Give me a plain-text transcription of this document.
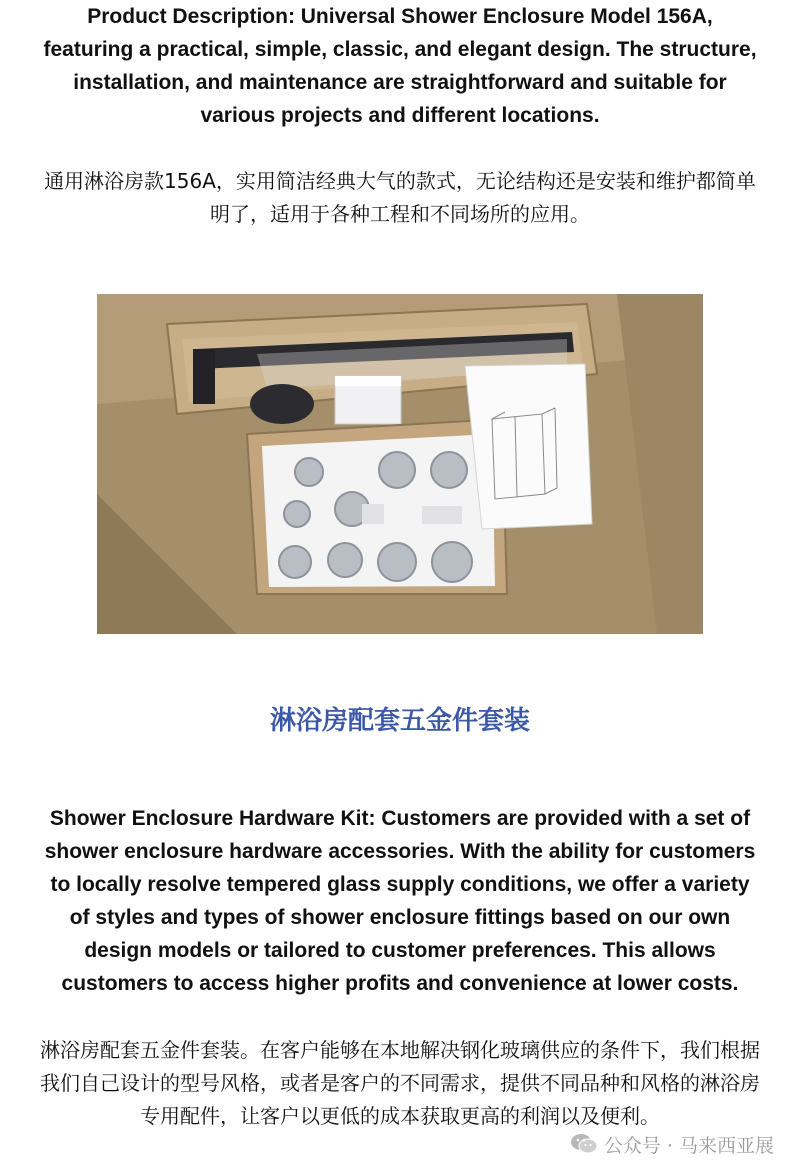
Product Description: Universal Shower Enclosure Model 156A, featuring a practical, simple, classic, and elegant design. The structure, installation, and maintenance are straightforward and suitable for various projects and different locations.

通用淋浴房款156A，实用简洁经典大气的款式，无论结构还是安装和维护都简单明了，适用于各种工程和不同场所的应用。

淋浴房配套五金件套装

Shower Enclosure Hardware Kit: Customers are provided with a set of shower enclosure hardware accessories. With the ability for customers to locally resolve tempered glass supply conditions, we offer a variety of styles and types of shower enclosure fittings based on our own design models or tailored to customer preferences. This allows customers to access higher profits and convenience at lower costs.

淋浴房配套五金件套装。在客户能够在本地解决钢化玻璃供应的条件下，我们根据我们自己设计的型号风格，或者是客户的不同需求，提供不同品种和风格的淋浴房专用配件，让客户以更低的成本获取更高的利润以及便利。

公众号 · 马来西亚展
